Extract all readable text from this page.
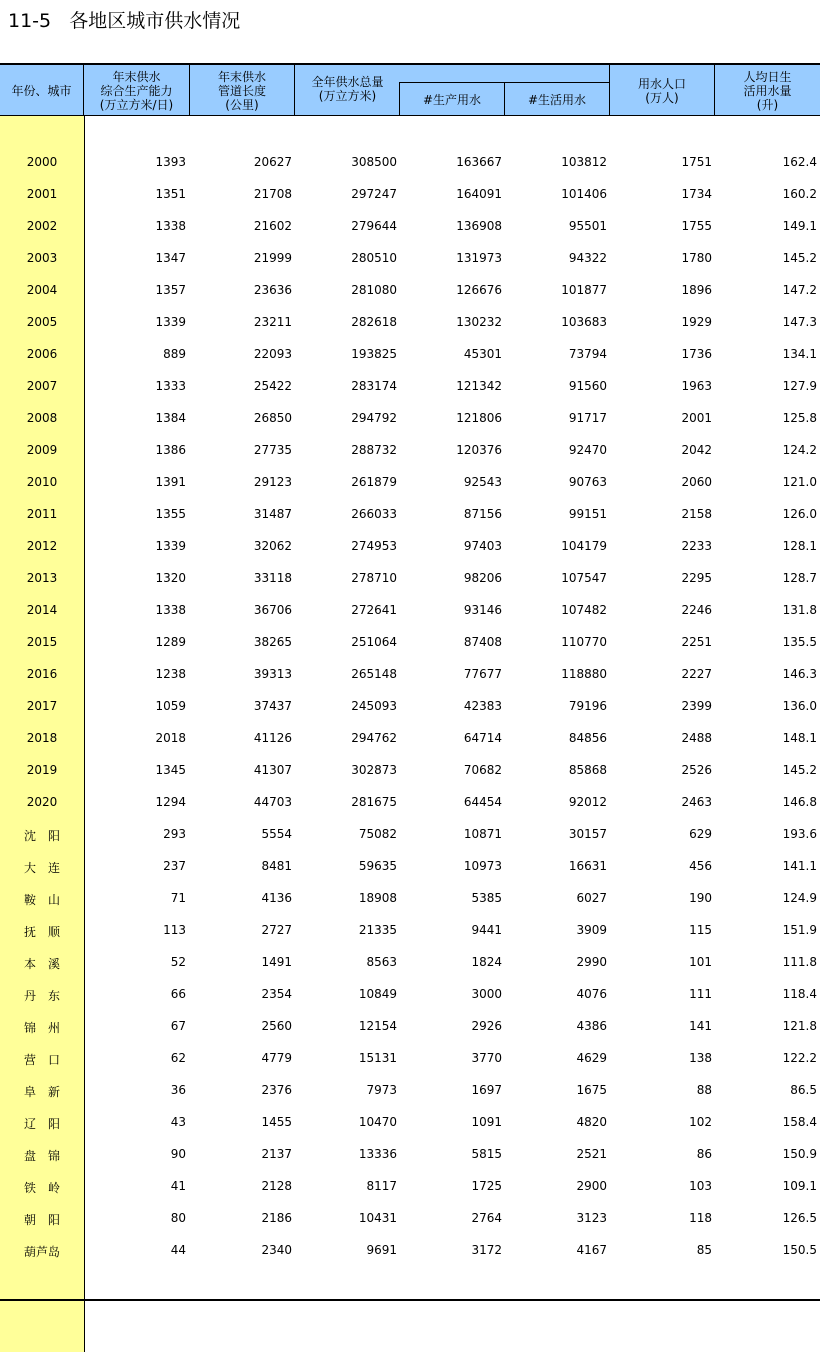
11-5   各地区城市供水情况
年份、城市
年末供水
综合生产能力
(万立方米/日)
年末供水
管道长度
(公里)
全年供水总量
(万立方米)	#生产用水	#生活用水
用水人口
(万人)
人均日生
活用水量
(升)
2000	1393	20627	308500	163667	103812	1751	162.4
2001	1351	21708	297247	164091	101406	1734	160.2
2002	1338	21602	279644	136908	95501	1755	149.1
2003	1347	21999	280510	131973	94322	1780	145.2
2004	1357	23636	281080	126676	101877	1896	147.2
2005	1339	23211	282618	130232	103683	1929	147.3
2006	889	22093	193825	45301	73794	1736	134.1
2007	1333	25422	283174	121342	91560	1963	127.9
2008	1384	26850	294792	121806	91717	2001	125.8
2009	1386	27735	288732	120376	92470	2042	124.2
2010	1391	29123	261879	92543	90763	2060	121.0
2011	1355	31487	266033	87156	99151	2158	126.0
2012	1339	32062	274953	97403	104179	2233	128.1
2013	1320	33118	278710	98206	107547	2295	128.7
2014	1338	36706	272641	93146	107482	2246	131.8
2015	1289	38265	251064	87408	110770	2251	135.5
2016	1238	39313	265148	77677	118880	2227	146.3
2017	1059	37437	245093	42383	79196	2399	136.0
2018	2018	41126	294762	64714	84856	2488	148.1
2019	1345	41307	302873	70682	85868	2526	145.2
2020	1294	44703	281675	64454	92012	2463	146.8
沈　阳	293	5554	75082	10871	30157	629	193.6
大　连	237	8481	59635	10973	16631	456	141.1
鞍　山	71	4136	18908	5385	6027	190	124.9
抚　顺	113	2727	21335	9441	3909	115	151.9
本　溪	52	1491	8563	1824	2990	101	111.8
丹　东	66	2354	10849	3000	4076	111	118.4
锦　州	67	2560	12154	2926	4386	141	121.8
营　口	62	4779	15131	3770	4629	138	122.2
阜　新	36	2376	7973	1697	1675	88	86.5
辽　阳	43	1455	10470	1091	4820	102	158.4
盘　锦	90	2137	13336	5815	2521	86	150.9
铁　岭	41	2128	8117	1725	2900	103	109.1
朝　阳	80	2186	10431	2764	3123	118	126.5
葫芦岛	44	2340	9691	3172	4167	85	150.5
